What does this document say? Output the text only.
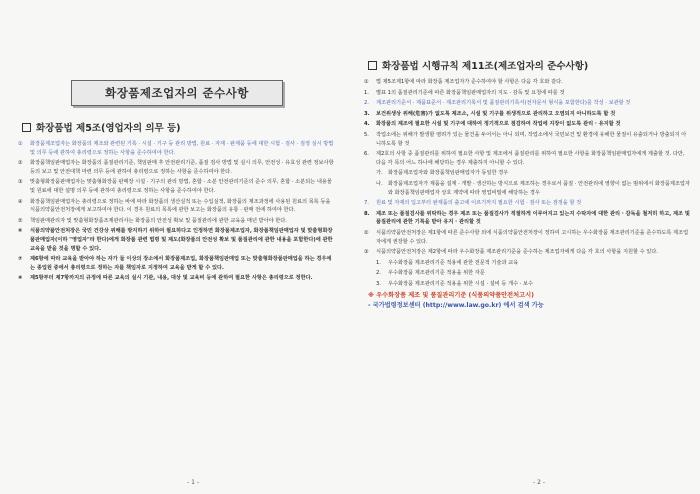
화장품제조업자의 준수사항
화장품법 제5조(영업자의 의무 등)
①	화장품제조업자는 화장품의 제조와 관련된 기록 · 시설 · 기구 등 관리 방법, 원료 · 자재 · 완제품 등에 대한 시험 · 검사 · 검정 실시 방법 및 의무 등에 관하여 총리령으로 정하는 사항을 준수하여야 한다.
②	화장품책임판매업자는 화장품의 품질관리기준, 책임판매 후 안전관리기준, 품질 검사 방법 및 실시 의무, 안전성 · 유효성 관련 정보사항 등의 보고 및 안전대책 마련 의무 등에 관하여 총리령으로 정하는 사항을 준수하여야 한다.
③	맞춤형화장품판매업자는 맞춤형화장품 판매장 시설 · 기구의 관리 방법, 혼합 · 소분 안전관리기준의 준수 의무, 혼합 · 소분되는 내용물 및 원료에 대한 설명 의무 등에 관하여 총리령으로 정하는 사항을 준수하여야 한다.
④	화장품책임판매업자는 총리령으로 정하는 바에 따라 화장품의 생산실적 또는 수입실적, 화장품의 제조과정에 사용된 원료의 목록 등을 식품의약품안전처장에게 보고하여야 한다. 이 경우 원료의 목록에 관한 보고는 화장품의 유통 · 판매 전에 하여야 한다.
⑤	책임판매관리자 및 맞춤형화장품조제관리사는 화장품의 안전성 확보 및 품질관리에 관한 교육을 매년 받아야 한다.
⑥	식품의약품안전처장은 국민 건강상 위해를 방지하기 위하여 필요하다고 인정하면 화장품제조업자, 화장품책임판매업자 및 맞춤형화장품판매업자(이하 "영업자"라 한다)에게 화장품 관련 법령 및 제도(화장품의 안전성 확보 및 품질관리에 관한 내용을 포함한다)에 관한 교육을 받을 것을 명할 수 있다.
⑦	제6항에 따라 교육을 받아야 하는 자가 둘 이상의 장소에서 화장품제조업, 화장품책임판매업 또는 맞춤형화장품판매업을 하는 경우에는 종업원 중에서 총리령으로 정하는 자를 책임자로 지정하여 교육을 받게 할 수 있다.
⑧	제5항부터 제7항까지의 규정에 따른 교육의 실시 기관, 내용, 대상 및 교육비 등에 관하여 필요한 사항은 총리령으로 정한다.
- 1 -
화장품법 시행규칙 제11조(제조업자의 준수사항)
①	법 제5조제1항에 따라 화장품 제조업자가 준수하여야 할 사항은 다음 각 호와 같다.
1.	별표 1의 품질관리기준에 따른 화장품책임판매업자의 지도 · 감독 및 요청에 따를 것
2.	제조관리기준서 · 제품표준서 · 제조관리기록서 및 품질관리기록서(전자문서 형식을 포함한다)를 작성 · 보관할 것
3.	보건위생상 위해(危害)가 없도록 제조소, 시설 및 기구를 위생적으로 관리하고 오염되지 아니하도록 할 것
4.	화장품의 제조에 필요한 시설 및 기구에 대하여 정기적으로 점검하여 작업에 지장이 없도록 관리 · 유지할 것
5.	작업소에는 위해가 발생할 염려가 있는 물건을 두어서는 아니 되며, 작업소에서 국민보건 및 환경에 유해한 물질이 유출되거나 방출되지 아니하도록 할 것
6.	제2호의 사항 중 품질관리를 위하여 필요한 사항 및 제조에서 품질관리를 위하여 필요한 사항을 화장품책임판매업자에게 제출할 것. 다만, 다음 각 목의 어느 하나에 해당하는 경우 제출하지 아니할 수 있다.
가.	화장품제조업자와 화장품책임판매업자가 동일한 경우
나.	화장품제조업자가 제품을 설계 · 개발 · 생산하는 방식으로 제조하는 경우로서 품질 · 안전관리에 영향이 없는 범위에서 화장품제조업자와 화장품책임판매업자 상호 계약에 따라 영업비밀에 해당하는 경우
7.	원료 및 자재의 입고부터 완제품의 출고에 이르기까지 필요한 시험 · 검사 또는 검정을 할 것
8.	제조 또는 품질검사를 위탁하는 경우 제조 또는 품질검사가 적절하게 이루어지고 있는지 수탁자에 대한 관리 · 감독을 철저히 하고, 제조 및 품질관리에 관한 기록을 받아 유지 · 관리할 것
②	식품의약품안전처장은 제1항에 따른 준수사항 외에 식품의약품안전처장이 정하여 고시하는 우수화장품 제조관리기준을 준수하도록 제조업자에게 권장할 수 있다.
③	식품의약품안전처장은 제2항에 따라 우수화장품 제조관리기준을 준수하는 제조업자에게 다음 각 호의 사항을 지원할 수 있다.
1.	우수화장품 제조관리기준 적용에 관한 전문적 기술과 교육
2.	우수화장품 제조관리기준 적용을 위한 자문
3.	우수화장품 제조관리기준 적용을 위한 시설 · 설비 등 개수 · 보수
※ 우수화장품 제조 및 품질관리기준 (식품의약품안전처고시)
- 국가법령정보센터 (http://www.law.go.kr) 에서 검색 가능
- 2 -
